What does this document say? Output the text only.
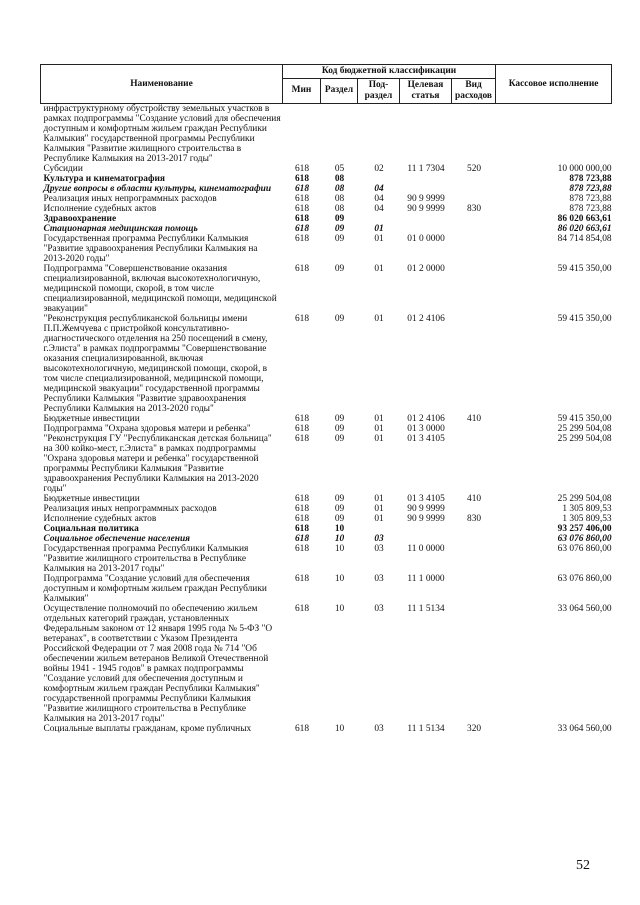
Наименование	Код бюджетной классификации					Кассовое исполнение
	Мин	Раздел	Под-раздел	Целевая статья	Вид расходов	
инфраструктурному обустройству земельных участков в рамках подпрограммы "Создание условий для обеспечения доступным и комфортным жильем граждан Республики Калмыкия" государственной программы Республики Калмыкия "Развитие жилищного строительства в Республике Калмыкия на 2013-2017 годы"						
Субсидии	618	05	02	11 1 7304	520	10 000 000,00
Культура и кинематография	618	08				878 723,88
Другие вопросы в области культуры, кинематографии	618	08	04			878 723,88
Реализация иных непрограммных расходов	618	08	04	90 9 9999		878 723,88
Исполнение судебных актов	618	08	04	90 9 9999	830	878 723,88
Здравоохранение	618	09				86 020 663,61
Стационарная медицинская помощь	618	09	01			86 020 663,61
Государственная программа Республики Калмыкия "Развитие здравоохранения Республики Калмыкия на 2013-2020 годы"	618	09	01	01 0 0000		84 714 854,08
Подпрограмма "Совершенствование оказания специализированной, включая высокотехнологичную, медицинской помощи, скорой, в том числе специализированной, медицинской помощи, медицинской эвакуации"	618	09	01	01 2 0000		59 415 350,00
"Реконструкция республиканской больницы имени П.П.Жемчуева с пристройкой консультативно-диагностического отделения на 250 посещений в смену, г.Элиста" в рамках подпрограммы "Совершенствование оказания специализированной, включая высокотехнологичную, медицинской помощи, скорой, в том числе специализированной, медицинской помощи, медицинской эвакуации" государственной программы Республики Калмыкия "Развитие здравоохранения Республики Калмыкия на 2013-2020 годы"	618	09	01	01 2 4106		59 415 350,00
Бюджетные инвестиции	618	09	01	01 2 4106	410	59 415 350,00
Подпрограмма "Охрана здоровья матери и ребенка"	618	09	01	01 3 0000		25 299 504,08
"Реконструкция ГУ "Республиканская детская больница" на 300 койко-мест, г.Элиста" в рамках подпрограммы "Охрана здоровья матери и ребенка" государственной программы Республики Калмыкия "Развитие здравоохранения Республики Калмыкия на 2013-2020 годы"	618	09	01	01 3 4105		25 299 504,08
Бюджетные инвестиции	618	09	01	01 3 4105	410	25 299 504,08
Реализация иных непрограммных расходов	618	09	01	90 9 9999		1 305 809,53
Исполнение судебных актов	618	09	01	90 9 9999	830	1 305 809,53
Социальная политика	618	10				93 257 406,00
Социальное обеспечение населения	618	10	03			63 076 860,00
Государственная программа Республики Калмыкия "Развитие жилищного строительства в Республике Калмыкия на 2013-2017 годы"	618	10	03	11 0 0000		63 076 860,00
Подпрограмма "Создание условий для обеспечения доступным и комфортным жильем граждан Республики Калмыкия"	618	10	03	11 1 0000		63 076 860,00
Осуществление полномочий по обеспечению жильем отдельных категорий граждан, установленных Федеральным законом от 12 января 1995 года № 5-ФЗ "О ветеранах", в соответствии с Указом Президента Российской Федерации от 7 мая 2008 года № 714 "Об обеспечении жильем ветеранов Великой Отечественной войны 1941 - 1945 годов" в рамках подпрограммы "Создание условий для обеспечения доступным и комфортным жильем граждан Республики Калмыкия" государственной программы Республики Калмыкия "Развитие жилищного строительства в Республике Калмыкия на 2013-2017 годы"	618	10	03	11 1 5134		33 064 560,00
Социальные выплаты гражданам, кроме публичных	618	10	03	11 1 5134	320	33 064 560,00
52
